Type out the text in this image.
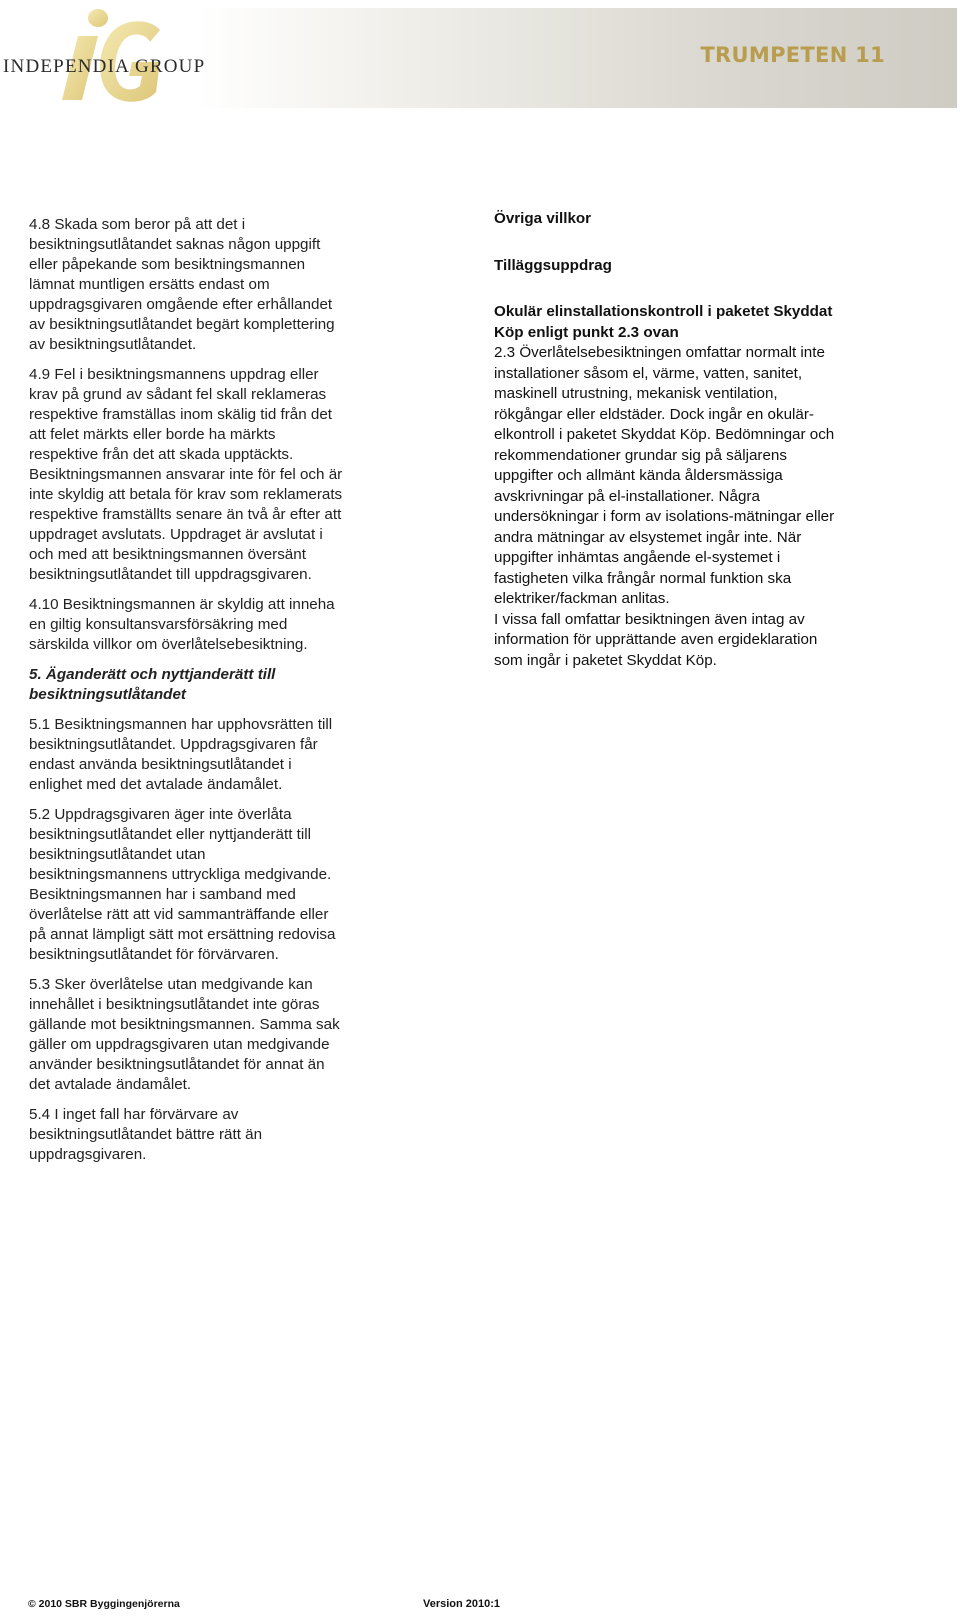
INDEPENDIA GROUP	TRUMPETEN 11

4.8 Skada som beror på att det i
besiktningsutlåtandet saknas någon uppgift
eller påpekande som besiktningsmannen
lämnat muntligen ersätts endast om
uppdragsgivaren omgående efter erhållandet
av besiktningsutlåtandet begärt komplettering
av besiktningsutlåtandet.

4.9 Fel i besiktningsmannens uppdrag eller
krav på grund av sådant fel skall reklameras
respektive framställas inom skälig tid från det
att felet märkts eller borde ha märkts
respektive från det att skada upptäckts.
Besiktningsmannen ansvarar inte för fel och är
inte skyldig att betala för krav som reklamerats
respektive framställts senare än två år efter att
uppdraget avslutats. Uppdraget är avslutat i
och med att besiktningsmannen översänt
besiktningsutlåtandet till uppdragsgivaren.

4.10 Besiktningsmannen är skyldig att inneha
en giltig konsultansvarsförsäkring med
särskilda villkor om överlåtelsebesiktning.

5. Äganderätt och nyttjanderätt till
besiktningsutlåtandet

5.1 Besiktningsmannen har upphovsrätten till
besiktningsutlåtandet. Uppdragsgivaren får
endast använda besiktningsutlåtandet i
enlighet med det avtalade ändamålet.

5.2 Uppdragsgivaren äger inte överlåta
besiktningsutlåtandet eller nyttjanderätt till
besiktningsutlåtandet utan
besiktningsmannens uttryckliga medgivande.
Besiktningsmannen har i samband med
överlåtelse rätt att vid sammanträffande eller
på annat lämpligt sätt mot ersättning redovisa
besiktningsutlåtandet för förvärvaren.

5.3 Sker överlåtelse utan medgivande kan
innehållet i besiktningsutlåtandet inte göras
gällande mot besiktningsmannen. Samma sak
gäller om uppdragsgivaren utan medgivande
använder besiktningsutlåtandet för annat än
det avtalade ändamålet.

5.4 I inget fall har förvärvare av
besiktningsutlåtandet bättre rätt än
uppdragsgivaren.

Övriga villkor

Tilläggsuppdrag

Okulär elinstallationskontroll i paketet Skyddat
Köp enligt punkt 2.3 ovan

2.3 Överlåtelsebesiktningen omfattar normalt inte
installationer såsom el, värme, vatten, sanitet,
maskinell utrustning, mekanisk ventilation,
rökgångar eller eldstäder. Dock ingår en okulär-
elkontroll i paketet Skyddat Köp. Bedömningar och
rekommendationer grundar sig på säljarens
uppgifter och allmänt kända åldersmässiga
avskrivningar på el-installationer. Några
undersökningar i form av isolations-mätningar eller
andra mätningar av elsystemet ingår inte. När
uppgifter inhämtas angående el-systemet i
fastigheten vilka frångår normal funktion ska
elektriker/fackman anlitas.
I vissa fall omfattar besiktningen även intag av
information för upprättande aven ergideklaration
som ingår i paketet Skyddat Köp.

© 2010 SBR Byggingenjörerna	Version 2010:1
